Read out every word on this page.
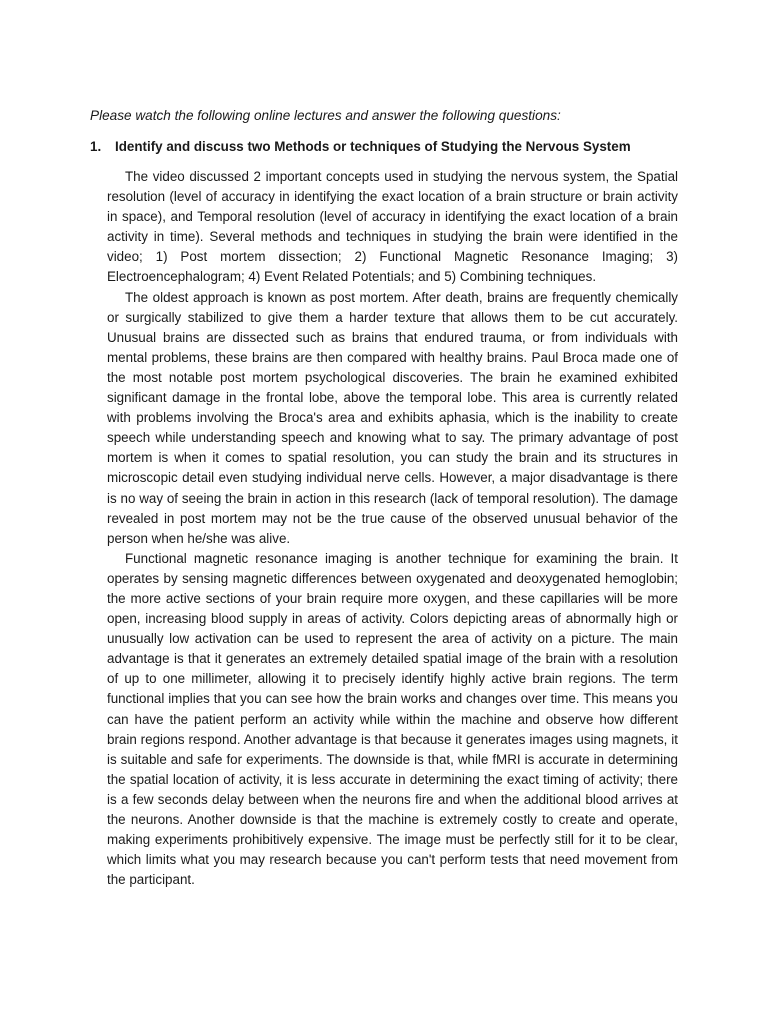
Please watch the following online lectures and answer the following questions:

1. Identify and discuss two Methods or techniques of Studying the Nervous System

The video discussed 2 important concepts used in studying the nervous system, the Spatial resolution (level of accuracy in identifying the exact location of a brain structure or brain activity in space), and Temporal resolution (level of accuracy in identifying the exact location of a brain activity in time). Several methods and techniques in studying the brain were identified in the video; 1) Post mortem dissection; 2) Functional Magnetic Resonance Imaging; 3) Electroencephalogram; 4) Event Related Potentials; and 5) Combining techniques.

The oldest approach is known as post mortem. After death, brains are frequently chemically or surgically stabilized to give them a harder texture that allows them to be cut accurately. Unusual brains are dissected such as brains that endured trauma, or from individuals with mental problems, these brains are then compared with healthy brains. Paul Broca made one of the most notable post mortem psychological discoveries. The brain he examined exhibited significant damage in the frontal lobe, above the temporal lobe. This area is currently related with problems involving the Broca's area and exhibits aphasia, which is the inability to create speech while understanding speech and knowing what to say. The primary advantage of post mortem is when it comes to spatial resolution, you can study the brain and its structures in microscopic detail even studying individual nerve cells. However, a major disadvantage is there is no way of seeing the brain in action in this research (lack of temporal resolution). The damage revealed in post mortem may not be the true cause of the observed unusual behavior of the person when he/she was alive.

Functional magnetic resonance imaging is another technique for examining the brain. It operates by sensing magnetic differences between oxygenated and deoxygenated hemoglobin; the more active sections of your brain require more oxygen, and these capillaries will be more open, increasing blood supply in areas of activity. Colors depicting areas of abnormally high or unusually low activation can be used to represent the area of activity on a picture. The main advantage is that it generates an extremely detailed spatial image of the brain with a resolution of up to one millimeter, allowing it to precisely identify highly active brain regions. The term functional implies that you can see how the brain works and changes over time. This means you can have the patient perform an activity while within the machine and observe how different brain regions respond. Another advantage is that because it generates images using magnets, it is suitable and safe for experiments. The downside is that, while fMRI is accurate in determining the spatial location of activity, it is less accurate in determining the exact timing of activity; there is a few seconds delay between when the neurons fire and when the additional blood arrives at the neurons. Another downside is that the machine is extremely costly to create and operate, making experiments prohibitively expensive. The image must be perfectly still for it to be clear, which limits what you may research because you can't perform tests that need movement from the participant.
